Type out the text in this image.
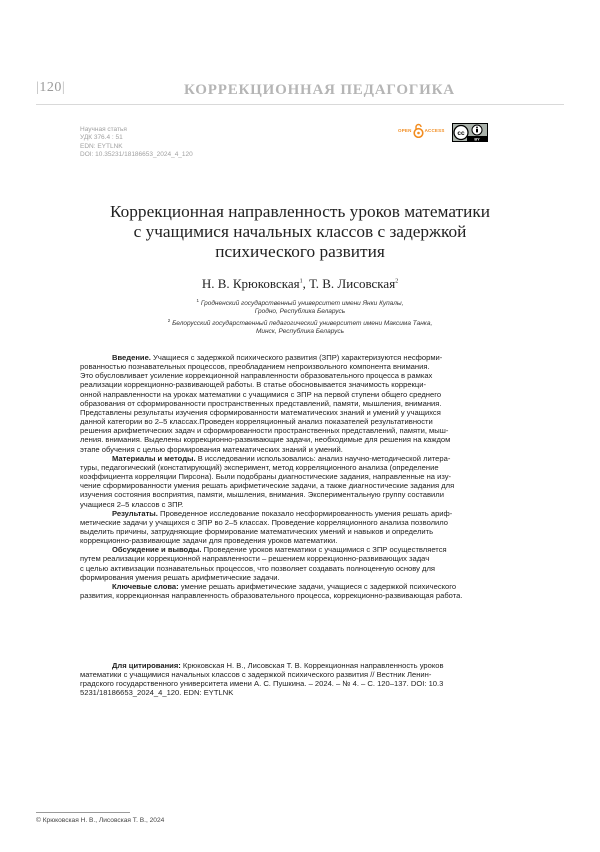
|120|	КОРРЕКЦИОННАЯ ПЕДАГОГИКА
Научная статья
УДК 376.4 : 51
EDN: EYTLNK
DOI: 10.35231/18186653_2024_4_120
OPEN	ACCESS cc
BY
Коррекционная направленность уроков математики
с учащимися начальных классов с задержкой
психического развития
Н. В. Крюковская$^1$, Т. В. Лисовская$^2$
$^1$ Гродненский государственный университет имени Янки Купалы,
Гродно, Республика Беларусь
$^2$ Белорусский государственный педагогический университет имени Максима Танка,
Минск, Республика Беларусь
Введение. Учащиеся с задержкой психического развития (ЗПР) характеризуются несформи-
рованностью познавательных процессов, преобладанием непроизвольного компонента внимания.
Это обусловливает усиление коррекционной направленности образовательного процесса в рамках
реализации коррекционно-развивающей работы. В статье обосновывается значимость коррекци-
онной направленности на уроках математики с учащимися с ЗПР на первой ступени общего среднего
образования от сформированности пространственных представлений, памяти, мышления, внимания.
Представлены результаты изучения сформированности математических знаний и умений у учащихся
данной категории во 2–5 классах.Проведен корреляционный анализ показателей результативности
решения арифметических задач и сформированности пространственных представлений, памяти, мыш-
ления. внимания. Выделены коррекционно-развивающие задачи, необходимые для решения на каждом
этапе обучения с целью формирования математических знаний и умений.
Материалы и методы. В исследовании использовались: анализ научно-методической литера-
туры, педагогический (констатирующий) эксперимент, метод корреляционного анализа (определение
коэффициента корреляции Пирсона). Были подобраны диагностические задания, направленные на изу-
чение сформированности умения решать арифметические задачи, а также диагностические задания для
изучения состояния восприятия, памяти, мышления, внимания. Экспериментальную группу составили
учащиеся 2–5 классов с ЗПР.
Результаты. Проведенное исследование показало несформированность умения решать ариф-
метические задачи у учащихся с ЗПР во 2–5 классах. Проведение корреляционного анализа позволило
выделить причины, затрудняющие формирование математических умений и навыков и определить
коррекционно-развивающие задачи для проведения уроков математики.
Обсуждение и выводы. Проведение уроков математики с учащимися с ЗПР осуществляется
путем реализации коррекционной направленности – решением коррекционно-развивающих задач
с целью активизации познавательных процессов, что позволяет создавать полноценную основу для
формирования умения решать арифметические задачи.
Ключевые слова: умение решать арифметические задачи, учащиеся с задержкой психического
развития, коррекционная направленность образовательного процесса, коррекционно-развивающая работа.
Для цитирования: Крюковская Н. В., Лисовская Т. В. Коррекционная направленность уроков
математики с учащимися начальных классов с задержкой психического развития // Вестник Ленин-
градского государственного университета имени А. С. Пушкина. – 2024. – № 4. – С. 120–137. DOI: 10.3
5231/18186653_2024_4_120. EDN: EYTLNK
© Крюковская Н. В., Лисовская Т. В., 2024
